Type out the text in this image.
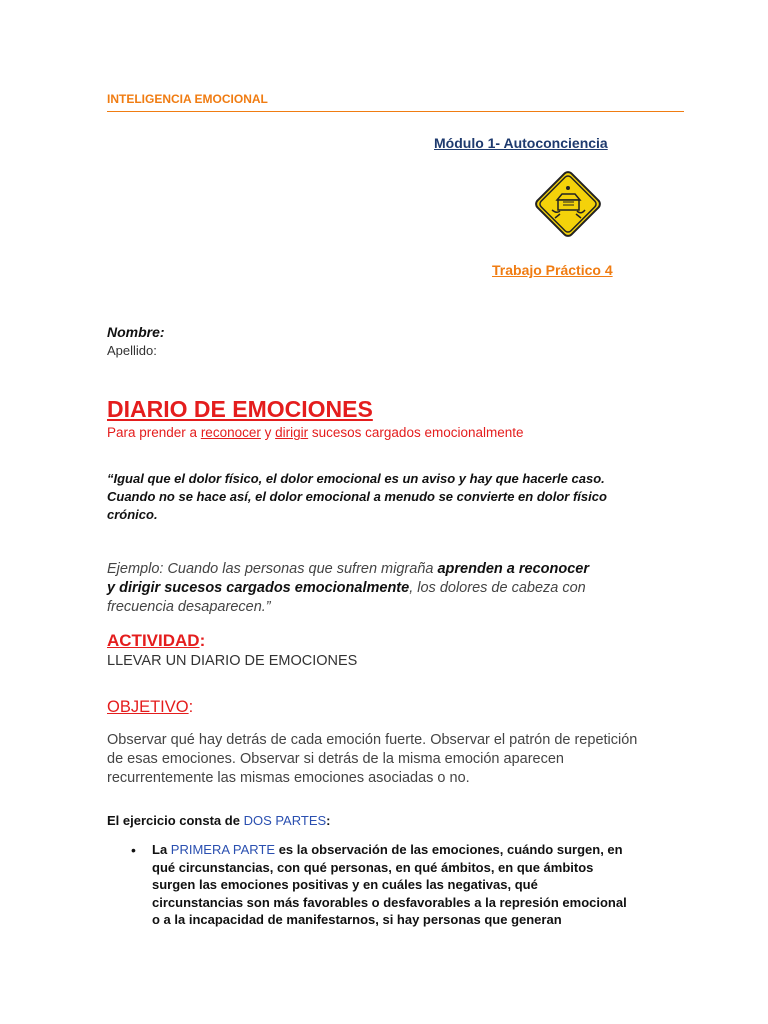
INTELIGENCIA EMOCIONAL
Módulo 1- Autoconciencia
Trabajo Práctico 4
Nombre:
Apellido:
DIARIO DE EMOCIONES
Para prender a reconocer y dirigir sucesos cargados emocionalmente
“Igual que el dolor físico, el dolor emocional es un aviso y hay que hacerle caso.
Cuando no se hace así, el dolor emocional a menudo se convierte en dolor físico
crónico.
Ejemplo: Cuando las personas que sufren migraña aprenden a reconocer
y dirigir sucesos cargados emocionalmente, los dolores de cabeza con
frecuencia desaparecen.”
ACTIVIDAD:
LLEVAR UN DIARIO DE EMOCIONES
OBJETIVO:
Observar qué hay detrás de cada emoción fuerte. Observar el patrón de repetición
de esas emociones. Observar si detrás de la misma emoción aparecen
recurrentemente las mismas emociones asociadas o no.
El ejercicio consta de DOS PARTES:
• La PRIMERA PARTE es la observación de las emociones, cuándo surgen, en
qué circunstancias, con qué personas, en qué ámbitos, en que ámbitos
surgen las emociones positivas y en cuáles las negativas, qué
circunstancias son más favorables o desfavorables a la represión emocional
o a la incapacidad de manifestarnos, si hay personas que generan
